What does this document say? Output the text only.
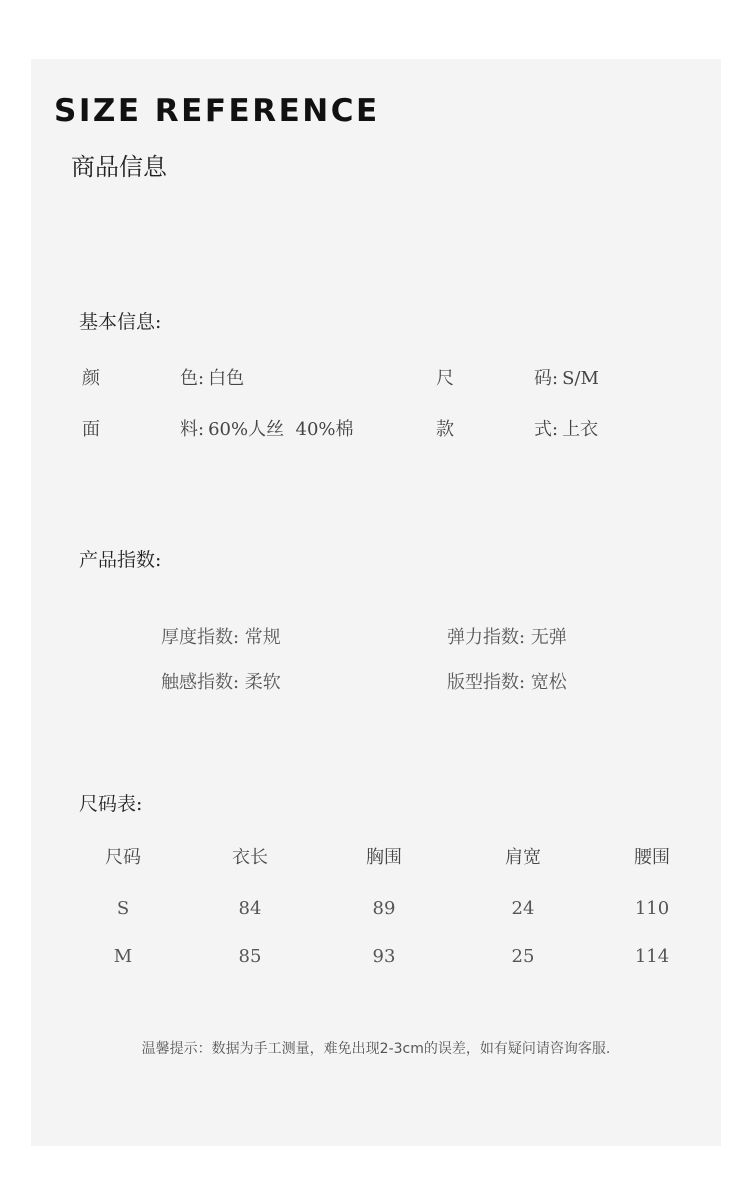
SIZE REFERENCE
商品信息
基本信息:
颜	色: 白色	尺	码: S/M
面	料: 60%人丝  40%棉	款	式: 上衣
产品指数:
厚度指数: 常规	弹力指数: 无弹
触感指数: 柔软	版型指数: 宽松
尺码表:
尺码	衣长	胸围	肩宽	腰围
S	84	89	24	110
M	85	93	25	114
温馨提示：数据为手工测量，难免出现2-3cm的误差，如有疑问请咨询客服.
